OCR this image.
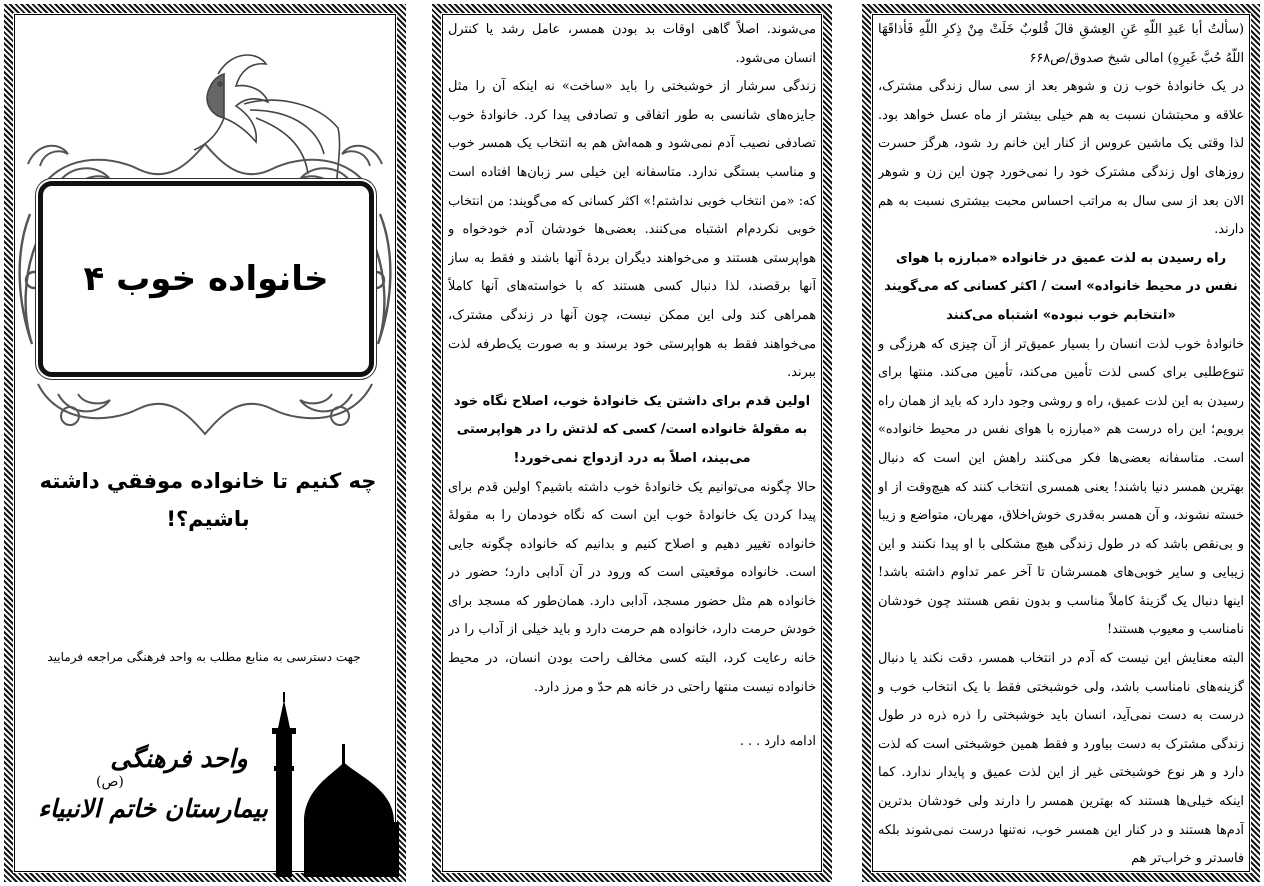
خانواده خوب ۴
چه کنیم تا خانواده موفقي داشته باشيم؟!
جهت دسترسی به منابع مطلب به واحد فرهنگی مراجعه فرمایید
واحد فرهنگی
(ص)
بیمارستان خاتم الانبیاء

می‌شوند. اصلاً گاهی اوقات بد بودن همسر، عامل رشد یا کنترل انسان می‌شود.

زندگی سرشار از خوشبختی را باید «ساخت» نه اینکه آن را مثل جایزه‌های شانسی به طور اتفاقی و تصادفی پیدا کرد. خانوادهٔ خوب تصادفی نصیب آدم نمی‌شود و همه‌اش هم به انتخاب یک همسر خوب و مناسب بستگی ندارد. متاسفانه این خیلی سر زبان‌ها افتاده است که: «من انتخاب خوبی نداشتم!» اکثر کسانی که می‌گویند: من انتخاب خوبی نکردم‌ام اشتباه می‌کنند. بعضی‌ها خودشان آدم خودخواه و هواپرستی هستند و می‌خواهند دیگران بردهٔ آنها باشند و فقط به ساز آنها برقصند، لذا دنبال کسی هستند که با خواسته‌های آنها کاملاً همراهی کند ولی این ممکن نیست، چون آنها در زندگی مشترک، می‌خواهند فقط به هواپرستی خود برسند و به صورت یک‌طرفه لذت ببرند.

اولین قدم برای داشتن یک خانوادهٔ خوب، اصلاح نگاه خود به مقولهٔ خانواده است/ کسی که لذتش را در هواپرستی می‌بیند، اصلاً به درد ازدواج نمی‌خورد!

حالا چگونه می‌توانیم یک خانوادهٔ خوب داشته باشیم؟ اولین قدم برای پیدا کردن یک خانوادهٔ خوب این است که نگاه خودمان را به مقولهٔ خانواده تغییر دهیم و اصلاح کنیم و بدانیم که خانواده چگونه جایی است. خانواده موقعیتی است که ورود در آن آدابی دارد؛ حضور در خانواده هم مثل حضور مسجد، آدابی دارد. همان‌طور که مسجد برای خودش حرمت دارد، خانواده هم حرمت دارد و باید خیلی از آداب را در خانه رعایت کرد، البته کسی مخالف راحت بودن انسان، در محیط خانواده نیست منتها راحتی در خانه هم حدّ و مرز دارد.

ادامه دارد . . .

(سألتُ أبا عَبدِ اللّهِ عَنِ العِشقِ قالَ قُلوبٌ خَلَتْ مِنْ ذِكرِ اللّهِ فَأذاقَهَا اللّهُ حُبَّ غَيرِهِ) امالی شیخ صدوق/ص۶۶۸

در یک خانوادهٔ خوب زن و شوهر بعد از سی سال زندگی مشترک، علاقه و محبتشان نسبت به هم خیلی بیشتر از ماه عسل خواهد بود. لذا وقتی یک ماشین عروس از کنار این خانم رد شود، هرگز حسرت روزهای اول زندگی مشترک خود را نمی‌خورد چون این زن و شوهر الان بعد از سی سال به مراتب احساس محبت بیشتری نسبت به هم دارند.

راه رسیدن به لذت عمیق در خانواده «مبارزه با هوای نفس در محیط خانواده» است / اکثر کسانی که می‌گویند «انتخابم خوب نبوده» اشتباه می‌کنند

خانوادهٔ خوب لذت انسان را بسیار عمیق‌تر از آن چیزی که هرزگی و تنوع‌طلبی برای کسی لذت تأمین می‌کند، تأمین می‌کند. منتها برای رسیدن به این لذت عمیق، راه و روشی وجود دارد که باید از همان راه برویم؛ این راه درست هم «مبارزه با هوای نفس در محیط خانواده» است. متاسفانه بعضی‌ها فکر می‌کنند راهش این است که دنبال بهترین همسر دنیا باشند! یعنی همسری انتخاب کنند که هیچ‌وقت از او خسته نشوند، و آن همسر به‌قدری خوش‌اخلاق، مهربان، متواضع و زیبا و بی‌نقص باشد که در طول زندگی هیچ مشکلی با او پیدا نکنند و این زیبایی و سایر خوبی‌های همسرشان تا آخر عمر تداوم داشته باشد! اینها دنبال یک گزینهٔ کاملاً مناسب و بدون نقص هستند چون خودشان نامناسب و معیوب هستند!

البته معنایش این نیست که آدم در انتخاب همسر، دقت نکند یا دنبال گزینه‌های نامناسب باشد، ولی خوشبختی فقط با یک انتخاب خوب و درست به دست نمی‌آید، انسان باید خوشبختی را ذره ذره در طول زندگی مشترک به دست بیاورد و فقط همین خوشبختی است که لذت دارد و هر نوع خوشبختی غیر از این لذت عمیق و پایدار ندارد. کما اینکه خیلی‌ها هستند که بهترین همسر را دارند ولی خودشان بدترین آدم‌ها هستند و در کنار این همسر خوب، نه‌تنها درست نمی‌شوند بلکه فاسدتر و خراب‌تر هم
